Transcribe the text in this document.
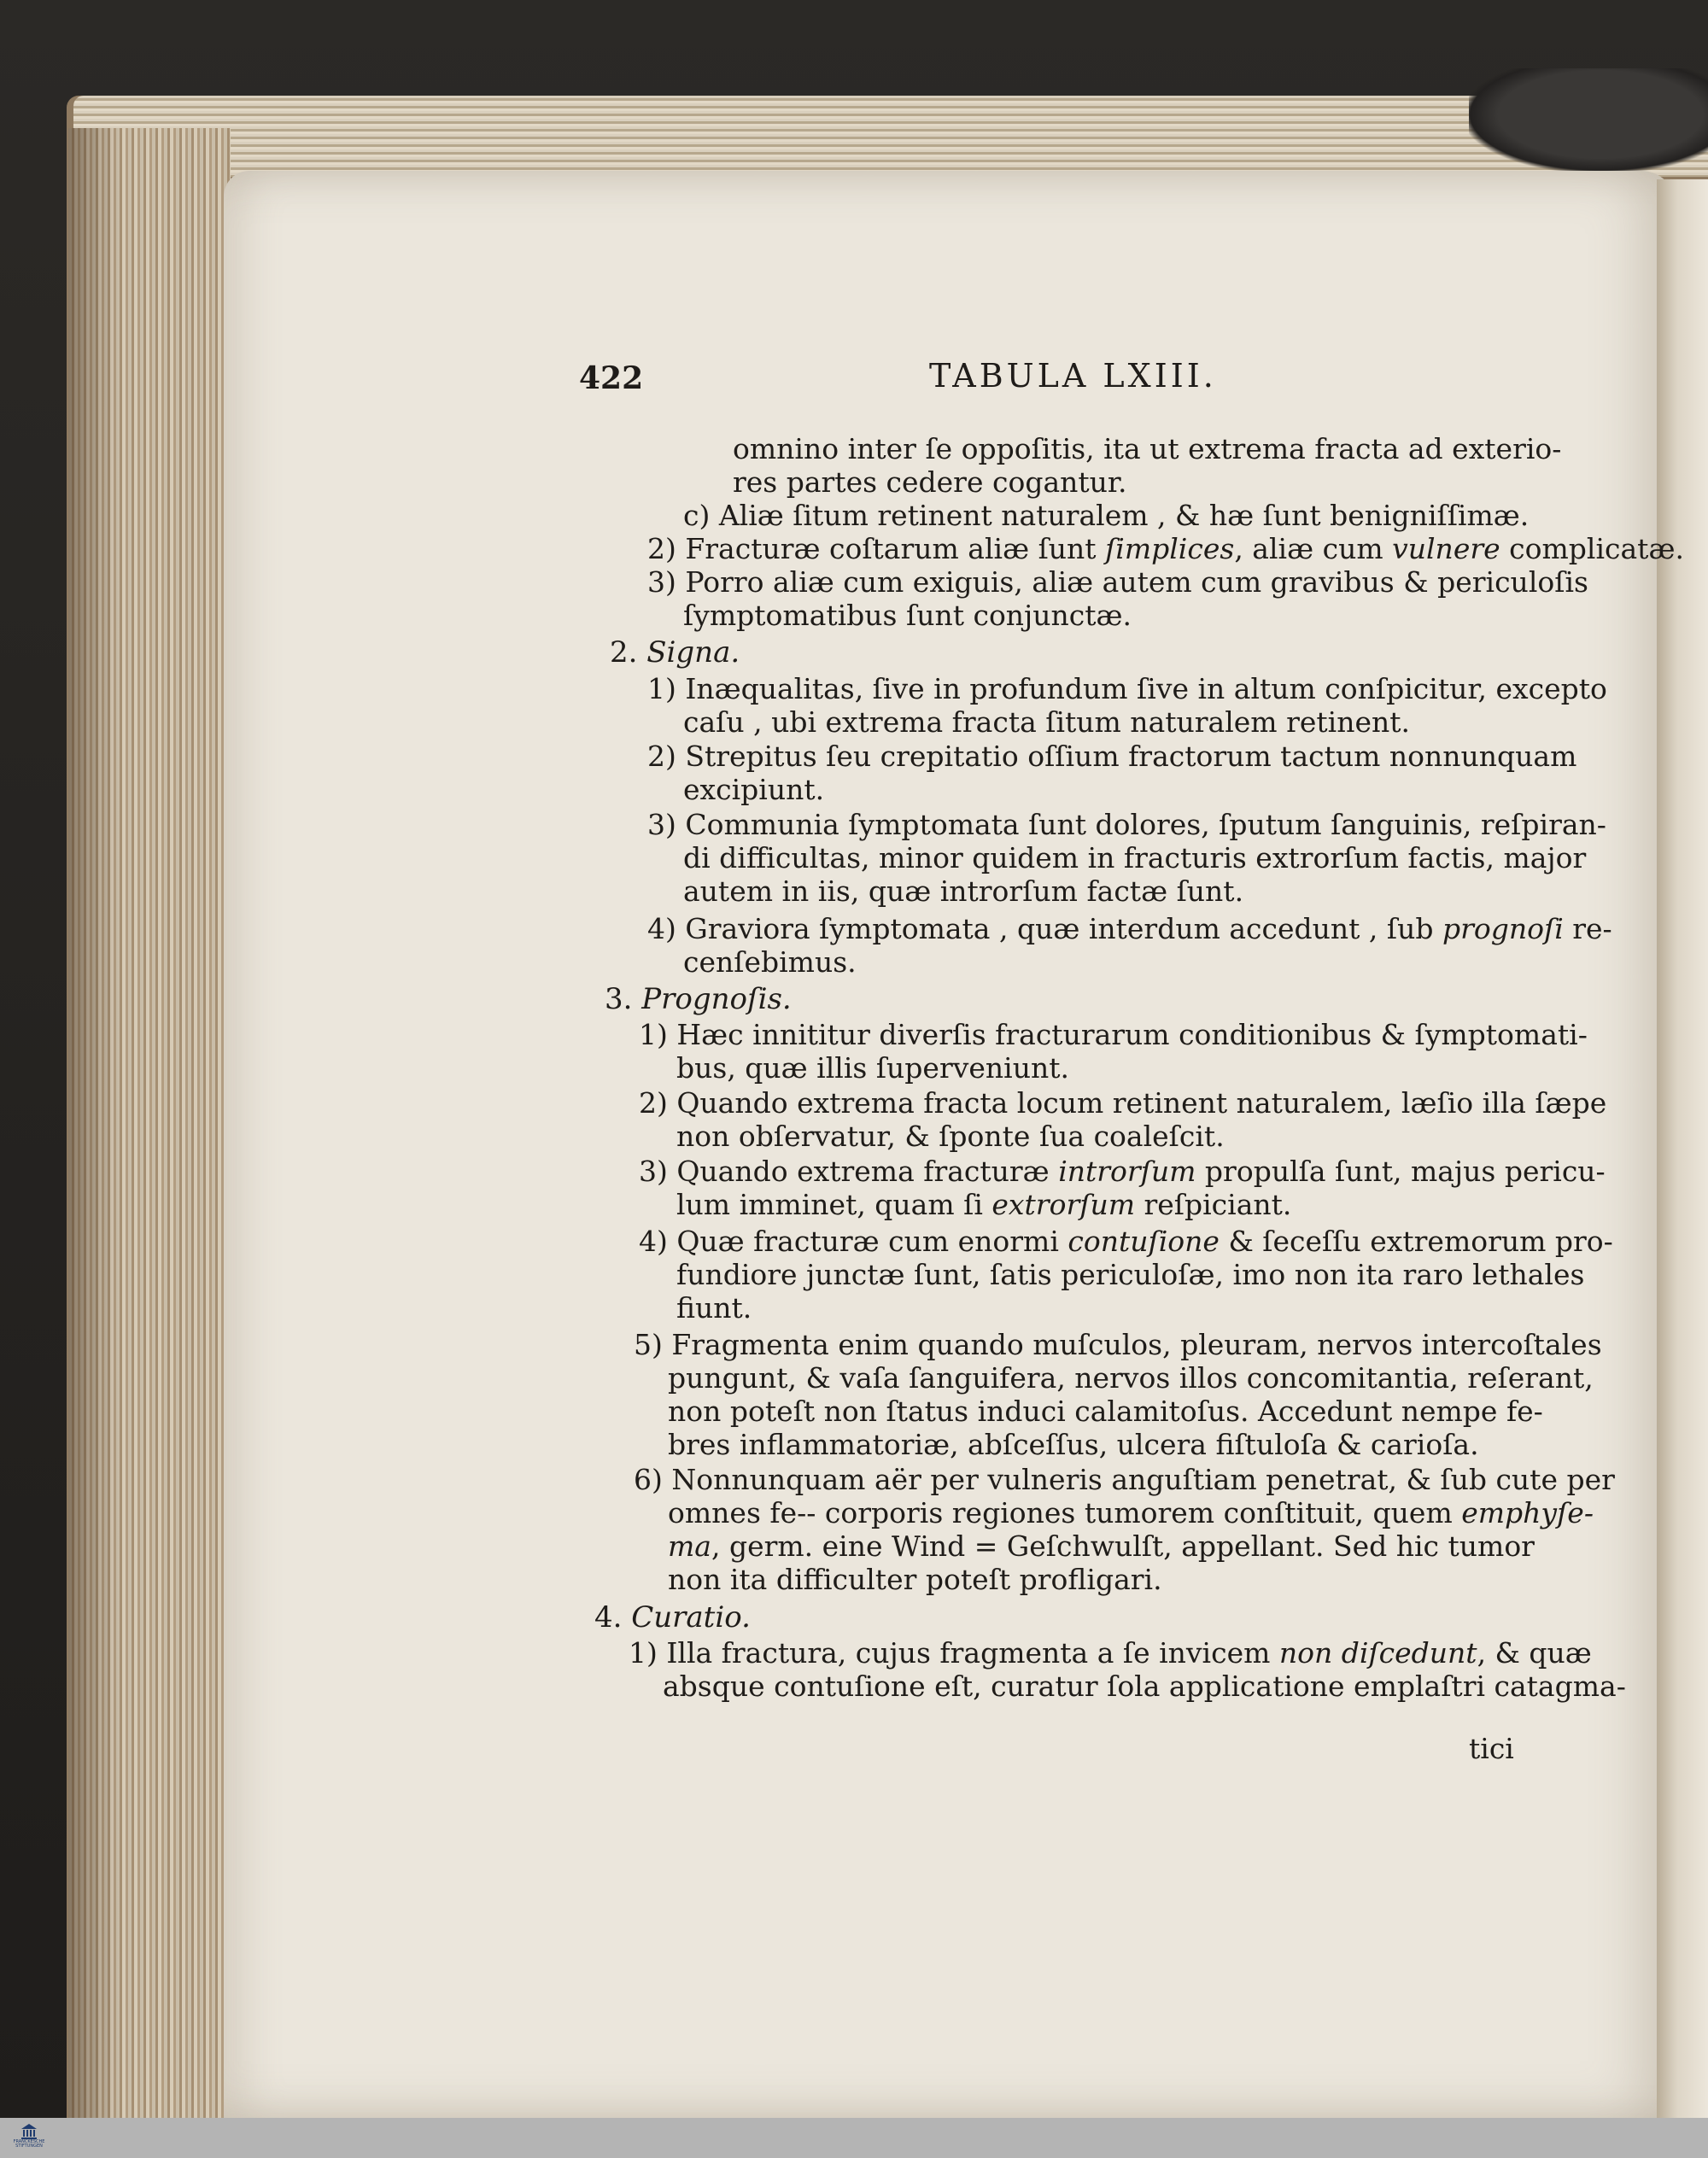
422	TABULA LXIII.
omnino inter ſe oppoſitis, ita ut extrema fracta ad exterio-
res partes cedere cogantur.
c) Aliæ ſitum retinent naturalem , & hæ ſunt benigniſſimæ.
2) Fracturæ coſtarum aliæ ſunt ſimplices, aliæ cum vulnere complicatæ.
3) Porro aliæ cum exiguis, aliæ autem cum gravibus & periculoſis
ſymptomatibus ſunt conjunctæ.
2. Signa.
1) Inæqualitas, ſive in profundum ſive in altum conſpicitur, excepto
caſu , ubi extrema fracta ſitum naturalem retinent.
2) Strepitus ſeu crepitatio oſſium fractorum tactum nonnunquam
excipiunt.
3) Communia ſymptomata ſunt dolores, ſputum ſanguinis, reſpiran-
di difficultas, minor quidem in fracturis extrorſum factis, major
autem in iis, quæ introrſum factæ ſunt.
4) Graviora ſymptomata , quæ interdum accedunt , ſub prognoſi re-
cenſebimus.
3. Prognoſis.
1) Hæc innititur diverſis fracturarum conditionibus & ſymptomati-
bus, quæ illis ſuperveniunt.
2) Quando extrema fracta locum retinent naturalem, læſio illa ſæpe
non obſervatur, & ſponte ſua coaleſcit.
3) Quando extrema fracturæ introrſum propulſa ſunt, majus pericu-
lum imminet, quam ſi extrorſum reſpiciant.
4) Quæ fracturæ cum enormi contuſione & ſeceſſu extremorum pro-
fundiore junctæ ſunt, ſatis periculoſæ, imo non ita raro lethales
fiunt.
5) Fragmenta enim quando muſculos, pleuram, nervos intercoſtales
pungunt, & vaſa ſanguifera, nervos illos concomitantia, reſerant,
non poteſt non ſtatus induci calamitoſus. Accedunt nempe fe-
bres inflammatoriæ, abſceſſus, ulcera fiſtuloſa & carioſa.
6) Nonnunquam aër per vulneris anguſtiam penetrat, & ſub cute per
omnes fe-- corporis regiones tumorem conſtituit, quem emphyſe-
ma, germ. eine Wind = Geſchwulſt, appellant. Sed hic tumor
non ita difficulter poteſt profligari.
4. Curatio.
1) Illa fractura, cujus fragmenta a ſe invicem non diſcedunt, & quæ
absque contuſione eſt, curatur ſola applicatione emplaſtri catagma-
tici
FRANCKESCHE
STIFTUNGEN
